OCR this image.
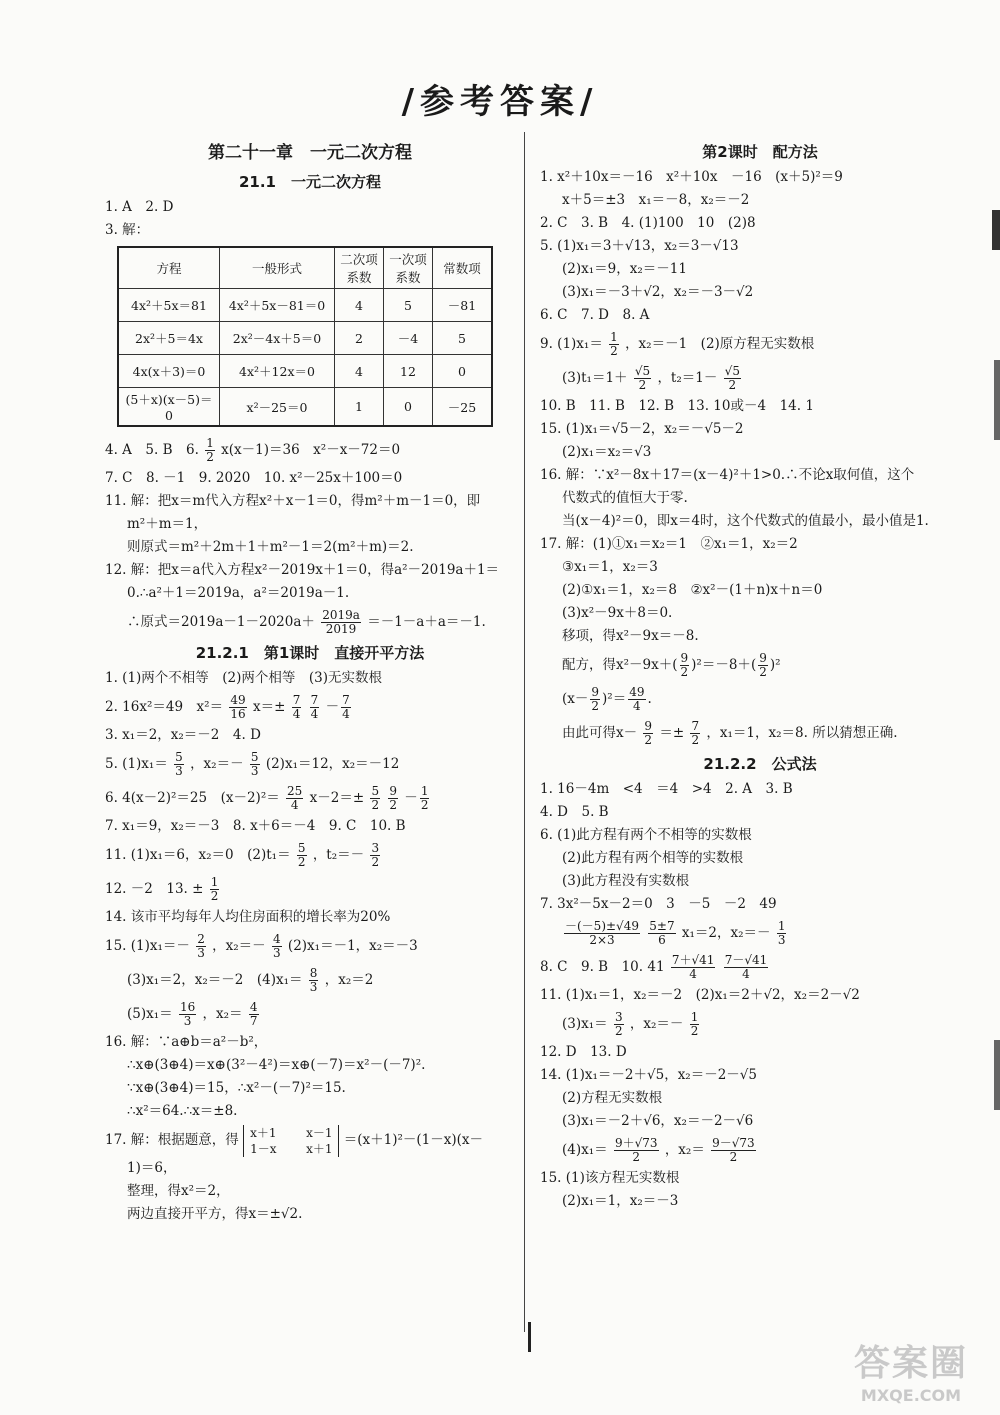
/参考答案/
第二十一章　一元二次方程
21.1　一元二次方程
1. A　2. D
3. 解：
方程	一般形式	二次项系数	一次项系数	常数项
4x²＋5x＝81	4x²＋5x－81＝0	4	5	－81
2x²＋5＝4x	2x²－4x＋5＝0	2	－4	5
4x(x＋3)＝0	4x²＋12x＝0	4	12	0
(5＋x)(x－5)＝0	x²－25＝0	1	0	－25
4. A　5. B　6. $\frac{1}{2} x(x-1)=36$　x²－x－72＝0
7. C　8. －1　9. 2020　10. x²－25x＋100＝0
11. 解：把x＝m代入方程x²＋x－1＝0，得m²＋m－1＝0，即
m²＋m＝1，
则原式＝m²＋2m＋1＋m²－1＝2(m²＋m)＝2.
12. 解：把x＝a代入方程x²－2019x＋1＝0，得a²－2019a＋1＝
0.∴a²＋1＝2019a，a²＝2019a－1.
∴原式$=2019a-1-2020a+ \frac{2019a}{2019} =-1-a+a=-1$.
21.2.1　第1课时　直接开平方法
1. (1)两个不相等　(2)两个相等　(3)无实数根
2. 16x²＝49　$x^2= \frac{49}{16} x=\pm \frac{7}{4}$
$\frac{7}{4} - \frac{7}{4}$
3. x₁＝2，x₂＝－2　4. D
5. $(1)x_1= \frac{5}{3}$ ，$x_2=- \frac{5}{3} (2)x_1=12$，x₂＝－12
6. 4(x－2)²＝25　$(x-2)^2= \frac{25}{4} x-2=\pm \frac{5}{2}$
$\frac{9}{2} - \frac{1}{2}$
7. x₁＝9，x₂＝－3　8. x＋6＝－4　9. C　10. B
11. (1)x₁＝6，x₂＝0　$(2)t_1= \frac{5}{2}$ ，$t_2=- \frac{3}{2}$
12. －2　13. ± $\frac{1}{2}$
14. 该市平均每年人均住房面积的增长率为20%
15. $(1)x_1=- \frac{2}{3}$ ，$x_2=- \frac{4}{3} (2)x_1=-1$，x₂＝－3
(3)x₁＝2，x₂＝－2　$(4)x_1= \frac{8}{3}$ ，x₂＝2
$(5)x_1= \frac{16}{3}$ ，$x_2= \frac{4}{7}$
16. 解：∵a⊕b＝a²－b²，
∴x⊕(3⊕4)＝x⊕(3²－4²)＝x⊕(－7)＝x²－(－7)².
∵x⊕(3⊕4)＝15，∴x²－(－7)²＝15.
∴x²＝64.∴x＝±8.
17. 解：根据题意，得 x＋1 x－1
1－x x＋1 ＝(x＋1)²－(1－x)(x－
1)＝6，
整理，得x²＝2，
两边直接开平方，得x＝±√2.
第2课时　配方法
1. x²＋10x＝－16　x²＋10x　－16　(x＋5)²＝9
x＋5＝±3　x₁＝－8，x₂＝－2
2. C　3. B　4. (1)100　10　(2)8
5. (1)x₁＝3＋√13，x₂＝3－√13
(2)x₁＝9，x₂＝－11
(3)x₁＝－3＋√2，x₂＝－3－√2
6. C　7. D　8. A
9. $(1)x_1= \frac{1}{2}$ ，x₂＝－1　(2)原方程无实数根
$(3)t_1=1+ \frac{√5}{2}$ ，$t_2=1- \frac{√5}{2}$
10. B　11. B　12. B　13. 10或－4　14. 1
15. (1)x₁＝√5－2，x₂＝－√5－2
(2)x₁＝x₂＝√3
16. 解：∵x²－8x＋17＝(x－4)²＋1>0.∴不论x取何值，这个
代数式的值恒大于零.
当(x－4)²＝0，即x＝4时，这个代数式的值最小，最小值是1.
17. 解：(1)①x₁＝x₂＝1　②x₁＝1，x₂＝2
③x₁＝1，x₂＝3
(2)①x₁＝1，x₂＝8　②x²－(1＋n)x＋n＝0
(3)x²－9x＋8＝0.
移项，得x²－9x＝－8.
配方，得$x^2-9x+( \frac{9}{2} )^2=-8+( \frac{9}{2} )^2$
$(x- \frac{9}{2} )^2= \frac{49}{4}$ .
由此可得$x- \frac{9}{2} =\pm \frac{7}{2}$ ，x₁＝1，x₂＝8. 所以猜想正确.
21.2.2　公式法
1. 16－4m　<4　＝4　>4　2. A　3. B
4. D　5. B
6. (1)此方程有两个不相等的实数根
(2)此方程有两个相等的实数根
(3)此方程没有实数根
7. 3x²－5x－2＝0　3　－5　－2　49
$\frac{-(-5)\pm√49}{2\times 3}$
$\frac{5\pm 7}{6} x_1=2$，$x_2=- \frac{1}{3}$
8. C　9. B　10. $41 \frac{7+√41}{4}$
$\frac{7-√41}{4}$
11. (1)x₁＝1，x₂＝－2　(2)x₁＝2＋√2，x₂＝2－√2
$(3)x_1= \frac{3}{2}$ ，$x_2=- \frac{1}{2}$
12. D　13. D
14. (1)x₁＝－2＋√5，x₂＝－2－√5
(2)方程无实数根
(3)x₁＝－2＋√6，x₂＝－2－√6
$(4)x_1= \frac{9+√73}{2}$ ，$x_2= \frac{9-√73}{2}$
15. (1)该方程无实数根
(2)x₁＝1，x₂＝－3
答案圈
MXQE.COM
